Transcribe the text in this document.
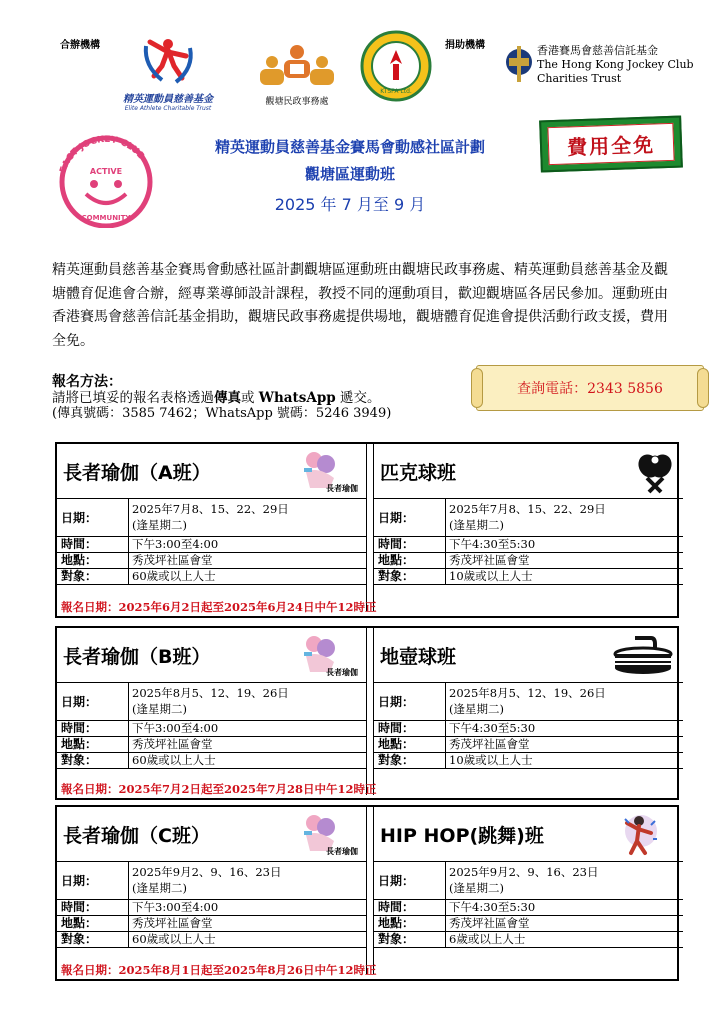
合辦機構	捐助機構
精英運動員慈善基金
Elite Athlete Charitable Trust
觀塘民政事務處
KTSPA Ltd.
香港賽馬會慈善信託基金
The Hong Kong Jockey Club
Charities Trust
EACT JOCKEY CLUB
ACTIVE
COMMUNITY
精英運動員慈善基金賽馬會動感社區計劃
觀塘區運動班
2025 年 7 月至 9 月
費用全免
精英運動員慈善基金賽馬會動感社區計劃觀塘區運動班由觀塘民政事務處、精英運動員慈善基金及觀塘體育促進會合辦，經專業導師設計課程，教授不同的運動項目，歡迎觀塘區各居民參加。運動班由香港賽馬會慈善信託基金捐助，觀塘民政事務處提供場地，觀塘體育促進會提供活動行政支援，費用全免。
報名方法：
請將已填妥的報名表格透過傳真或 WhatsApp 遞交。
(傳真號碼：3585 7462；WhatsApp 號碼：5246 3949)
查詢電話：2343 5856
長者瑜伽（A班）
長者瑜伽
日期：
2025年7月8、15、22、29日
(逢星期二)
時間：	下午3:00至4:00
地點：	秀茂坪社區會堂
對象：	60歲或以上人士
匹克球班
日期：
2025年7月8、15、22、29日
(逢星期二)
時間：	下午4:30至5:30
地點：	秀茂坪社區會堂
對象：	10歲或以上人士
報名日期：2025年6月2日起至2025年6月24日中午12時正
長者瑜伽（B班）
長者瑜伽
日期：
2025年8月5、12、19、26日
(逢星期二)
時間：	下午3:00至4:00
地點：	秀茂坪社區會堂
對象：	60歲或以上人士
地壺球班
日期：
2025年8月5、12、19、26日
(逢星期二)
時間：	下午4:30至5:30
地點：	秀茂坪社區會堂
對象：	10歲或以上人士
報名日期：2025年7月2日起至2025年7月28日中午12時正
長者瑜伽（C班）
長者瑜伽
日期：
2025年9月2、9、16、23日
(逢星期二)
時間：	下午3:00至4:00
地點：	秀茂坪社區會堂
對象：	60歲或以上人士
HIP HOP(跳舞)班
日期：
2025年9月2、9、16、23日
(逢星期二)
時間：	下午4:30至5:30
地點：	秀茂坪社區會堂
對象：	6歲或以上人士
報名日期：2025年8月1日起至2025年8月26日中午12時正
